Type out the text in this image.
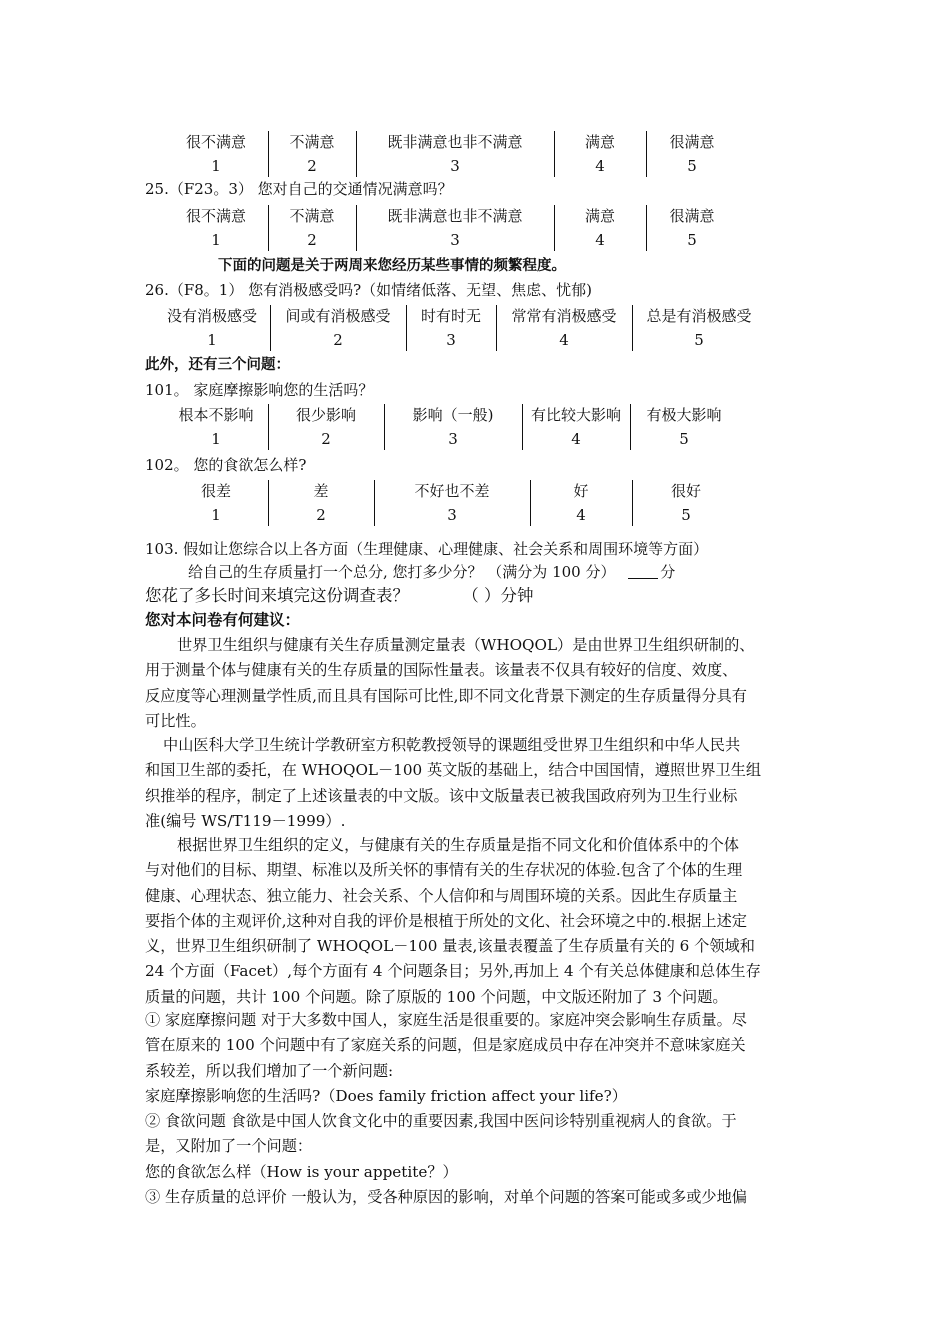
很不满意
1
不满意
2
既非满意也非不满意
3
满意
4
很满意
5
25.（F23。3） 您对自己的交通情况满意吗？
很不满意
1
不满意
2
既非满意也非不满意
3
满意
4
很满意
5
下面的问题是关于两周来您经历某些事情的频繁程度。
26.（F8。1） 您有消极感受吗?（如情绪低落、无望、焦虑、忧郁)
没有消极感受
1
间或有消极感受
2
时有时无
3
常常有消极感受
4
总是有消极感受
5
此外，还有三个问题：
101。 家庭摩擦影响您的生活吗？
根本不影响
1
很少影响
2
影响（一般)
3
有比较大影响
4
有极大影响
5
102。 您的食欲怎么样?
很差
1
差
2
不好也不差
3
好
4
很好
5
103. 假如让您综合以上各方面（生理健康、心理健康、社会关系和周围环境等方面）
给自己的生存质量打一个总分, 您打多少分？ （满分为 100 分）	分
您花了多长时间来填完这份调查表？	（ ）分钟
您对本问卷有何建议：
世界卫生组织与健康有关生存质量测定量表（WHOQOL）是由世界卫生组织研制的、
用于测量个体与健康有关的生存质量的国际性量表。该量表不仅具有较好的信度、效度、
反应度等心理测量学性质,而且具有国际可比性,即不同文化背景下测定的生存质量得分具有
可比性。
中山医科大学卫生统计学教研室方积乾教授领导的课题组受世界卫生组织和中华人民共
和国卫生部的委托，在 WHOQOL－100 英文版的基础上，结合中国国情，遵照世界卫生组
织推举的程序，制定了上述该量表的中文版。该中文版量表已被我国政府列为卫生行业标
准(编号 WS/T119－1999）.
根据世界卫生组织的定义，与健康有关的生存质量是指不同文化和价值体系中的个体
与对他们的目标、期望、标准以及所关怀的事情有关的生存状况的体验.包含了个体的生理
健康、心理状态、独立能力、社会关系、个人信仰和与周围环境的关系。因此生存质量主
要指个体的主观评价,这种对自我的评价是根植于所处的文化、社会环境之中的.根据上述定
义，世界卫生组织研制了 WHOQOL－100 量表,该量表覆盖了生存质量有关的 6 个领域和
24 个方面（Facet）,每个方面有 4 个问题条目；另外,再加上 4 个有关总体健康和总体生存
质量的问题，共计 100 个问题。除了原版的 100 个问题，中文版还附加了 3 个问题。
① 家庭摩擦问题 对于大多数中国人，家庭生活是很重要的。家庭冲突会影响生存质量。尽
管在原来的 100 个问题中有了家庭关系的问题，但是家庭成员中存在冲突并不意味家庭关
系较差，所以我们增加了一个新问题:
家庭摩擦影响您的生活吗?（Does family friction affect your life?）
② 食欲问题 食欲是中国人饮食文化中的重要因素,我国中医问诊特别重视病人的食欲。于
是，又附加了一个问题：
您的食欲怎么样（How is your appetite？）
③ 生存质量的总评价 一般认为，受各种原因的影响，对单个问题的答案可能或多或少地偏
